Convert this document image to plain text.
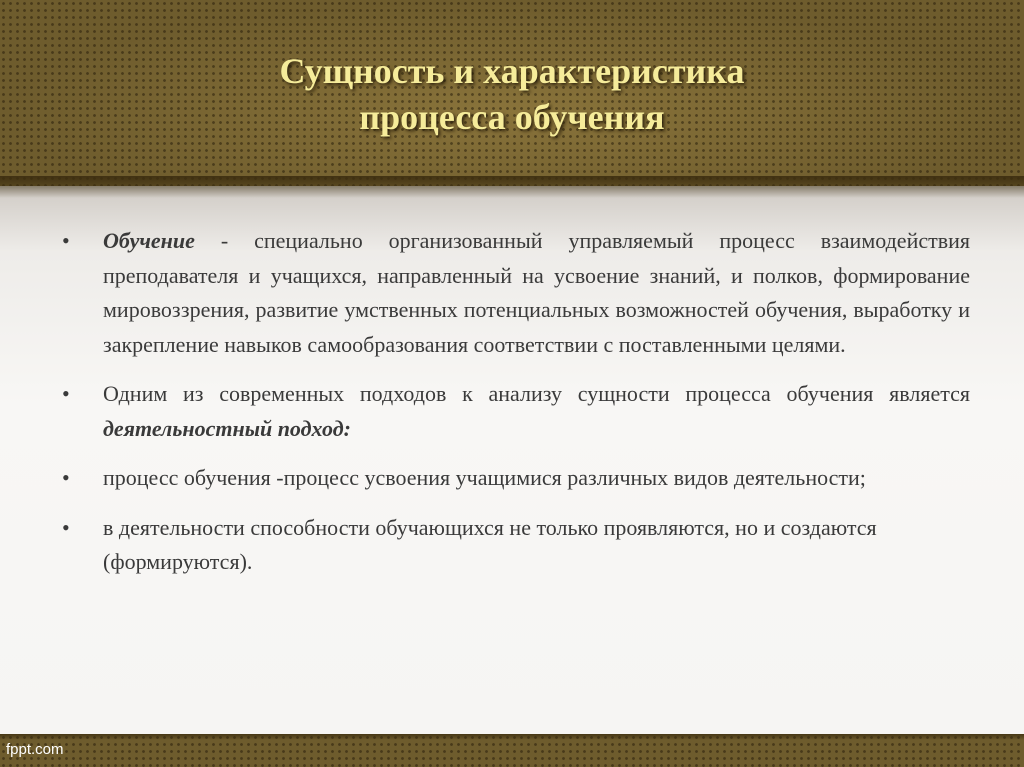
Сущность и характеристика
процесса обучения
• Обучение - специально организованный управляемый процесс взаимодействия преподавателя и учащихся, направленный на усвоение знаний, и полков, формирование мировоззрения, развитие умственных потенциальных возможностей обучения, выработку и закрепление навыков самообразования соответствии с поставленными целями.
• Одним из современных подходов к анализу сущности процесса обучения является деятельностный подход:
• процесс обучения -процесс усвоения учащимися различных видов деятельности;
• в деятельности способности обучающихся не только проявляются, но и создаются (формируются).
fppt.com
